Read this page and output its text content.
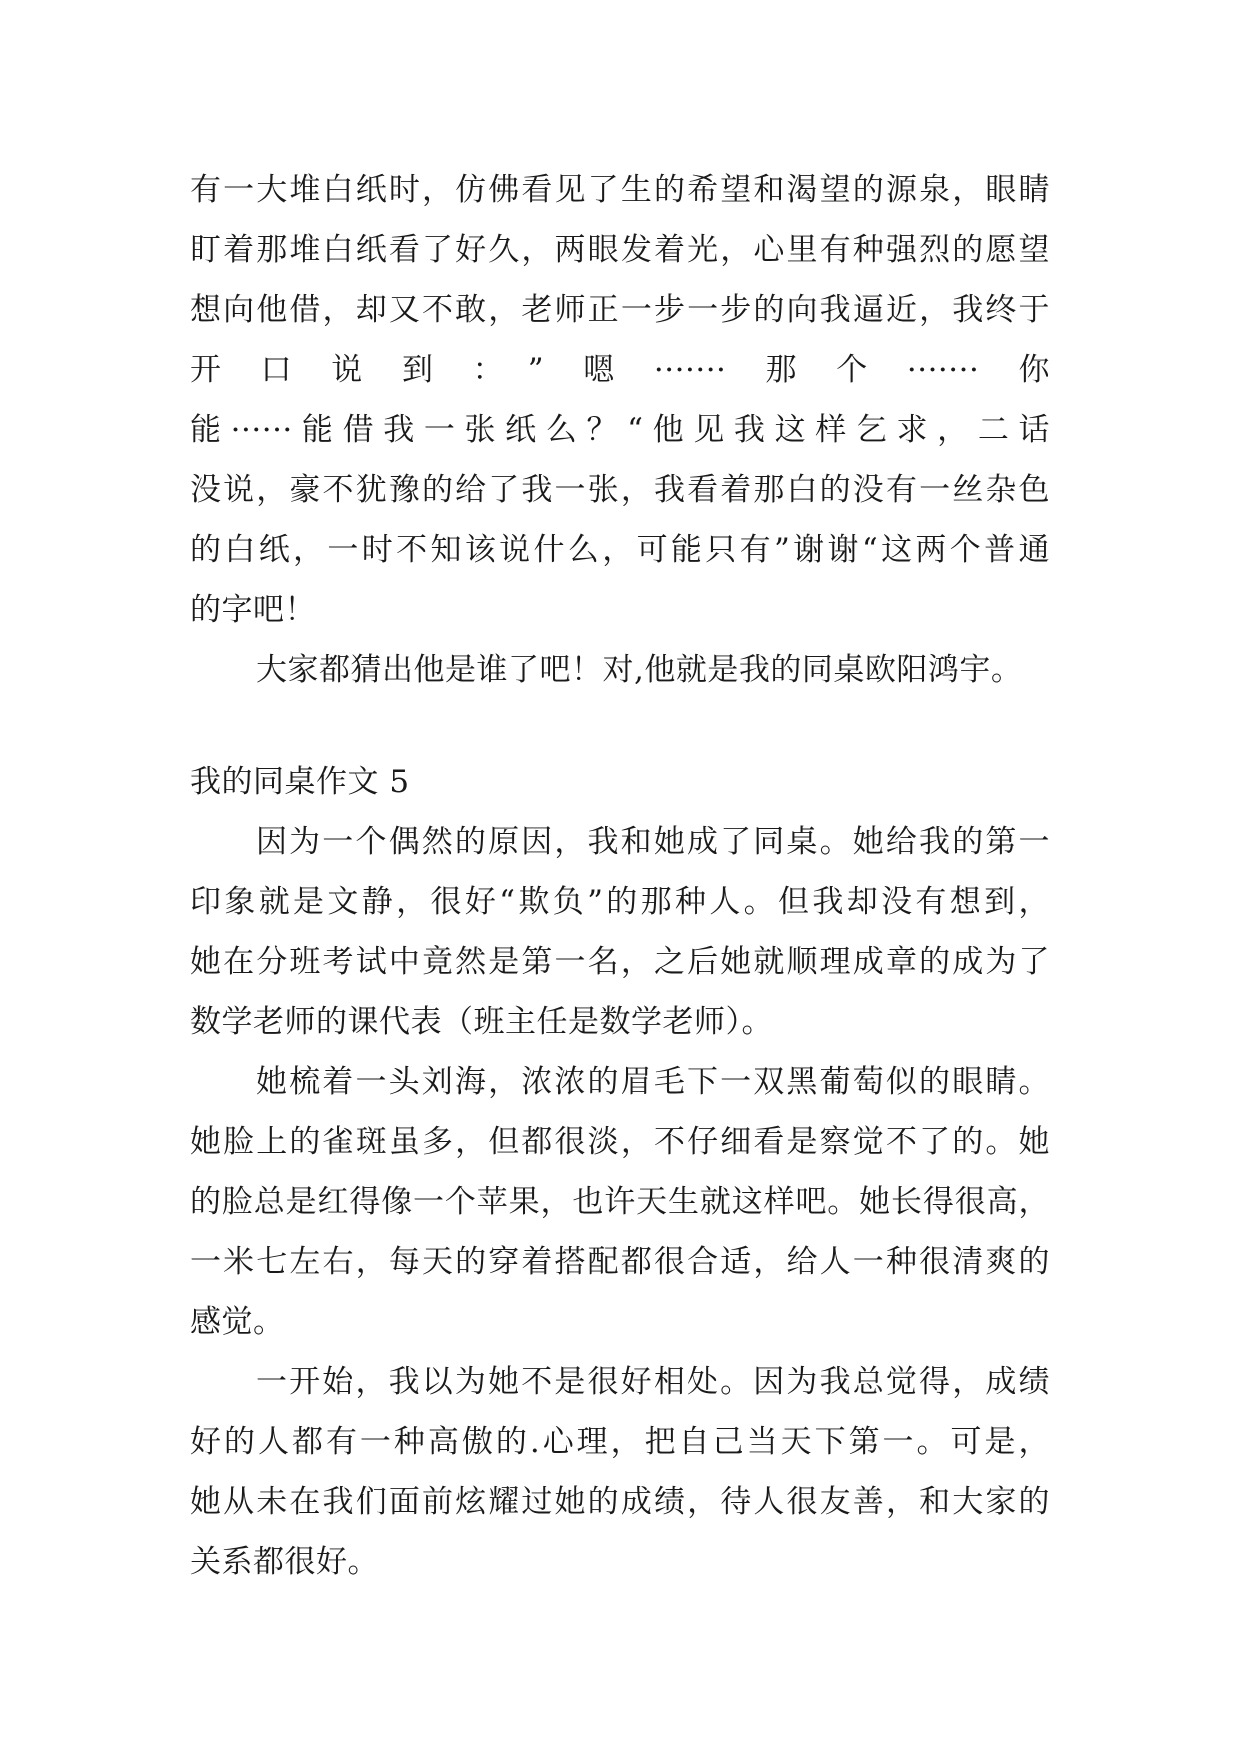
有一大堆白纸时，仿佛看见了生的希望和渴望的源泉，眼睛
盯着那堆白纸看了好久，两眼发着光，心里有种强烈的愿望
想向他借，却又不敢，老师正一步一步的向我逼近，我终于
开口说到：”嗯·······那个·······你
能······能借我一张纸么？“他见我这样乞求，二话
没说，豪不犹豫的给了我一张，我看着那白的没有一丝杂色
的白纸，一时不知该说什么，可能只有”谢谢“这两个普通
的字吧！
大家都猜出他是谁了吧！对,他就是我的同桌欧阳鸿宇。
我的同桌作文 5
因为一个偶然的原因，我和她成了同桌。她给我的第一
印象就是文静，很好“欺负”的那种人。但我却没有想到，
她在分班考试中竟然是第一名，之后她就顺理成章的成为了
数学老师的课代表（班主任是数学老师）。
她梳着一头刘海，浓浓的眉毛下一双黑葡萄似的眼睛。
她脸上的雀斑虽多，但都很淡，不仔细看是察觉不了的。她
的脸总是红得像一个苹果，也许天生就这样吧。她长得很高，
一米七左右，每天的穿着搭配都很合适，给人一种很清爽的
感觉。
一开始，我以为她不是很好相处。因为我总觉得，成绩
好的人都有一种高傲的.心理，把自己当天下第一。可是，
她从未在我们面前炫耀过她的成绩，待人很友善，和大家的
关系都很好。
